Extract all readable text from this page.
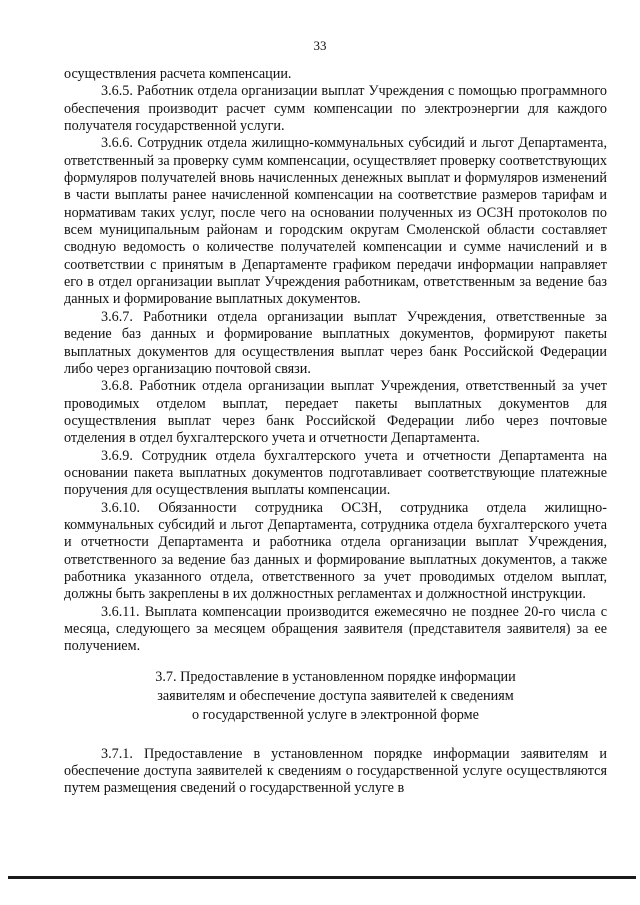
33

осуществления расчета компенсации.

3.6.5. Работник отдела организации выплат Учреждения с помощью программного обеспечения производит расчет сумм компенсации по электроэнергии для каждого получателя государственной услуги.

3.6.6. Сотрудник отдела жилищно-коммунальных субсидий и льгот Департамента, ответственный за проверку сумм компенсации, осуществляет проверку соответствующих формуляров получателей вновь начисленных денежных выплат и формуляров изменений в части выплаты ранее начисленной компенсации на соответствие размеров тарифам и нормативам таких услуг, после чего на основании полученных из ОСЗН протоколов по всем муниципальным районам и городским округам Смоленской области составляет сводную ведомость о количестве получателей компенсации и сумме начислений и в соответствии с принятым в Департаменте графиком передачи информации направляет его в отдел организации выплат Учреждения работникам, ответственным за ведение баз данных и формирование выплатных документов.

3.6.7. Работники отдела организации выплат Учреждения, ответственные за ведение баз данных и формирование выплатных документов, формируют пакеты выплатных документов для осуществления выплат через банк Российской Федерации либо через организацию почтовой связи.

3.6.8. Работник отдела организации выплат Учреждения, ответственный за учет проводимых отделом выплат, передает пакеты выплатных документов для осуществления выплат через банк Российской Федерации либо через почтовые отделения в отдел бухгалтерского учета и отчетности Департамента.

3.6.9. Сотрудник отдела бухгалтерского учета и отчетности Департамента на основании пакета выплатных документов подготавливает соответствующие платежные поручения для осуществления выплаты компенсации.

3.6.10. Обязанности сотрудника ОСЗН, сотрудника отдела жилищно-коммунальных субсидий и льгот Департамента, сотрудника отдела бухгалтерского учета и отчетности Департамента и работника отдела организации выплат Учреждения, ответственного за ведение баз данных и формирование выплатных документов, а также работника указанного отдела, ответственного за учет проводимых отделом выплат, должны быть закреплены в их должностных регламентах и должностной инструкции.

3.6.11. Выплата компенсации производится ежемесячно не позднее 20-го числа с месяца, следующего за месяцем обращения заявителя (представителя заявителя) за ее получением.

3.7. Предоставление в установленном порядке информации
заявителям и обеспечение доступа заявителей к сведениям
о государственной услуге в электронной форме

3.7.1. Предоставление в установленном порядке информации заявителям и обеспечение доступа заявителей к сведениям о государственной услуге осуществляются путем размещения сведений о государственной услуге в
